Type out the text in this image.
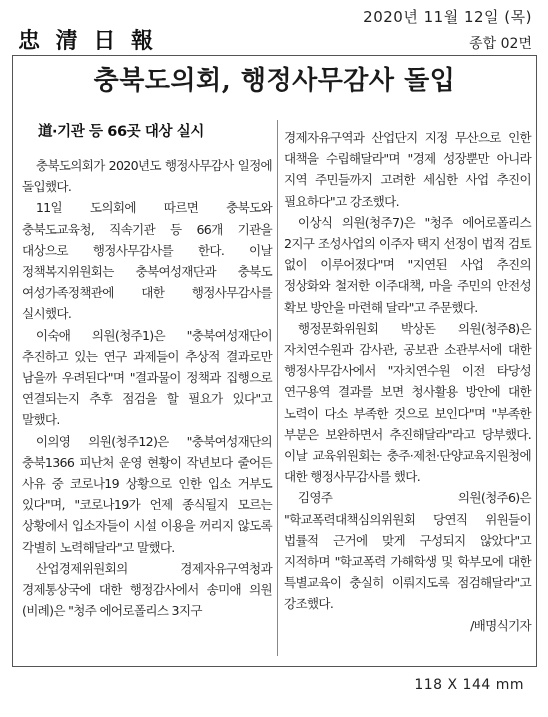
忠 清 日 報
2020년 11월 12일 (목)
종합 02면
충북도의회, 행정사무감사 돌입

道·기관 등 66곳 대상 실시

충북도의회가 2020년도 행정사무감사 일정에 돌입했다.

11일 도의회에 따르면 충북도와 충북도교육청, 직속기관 등 66개 기관을 대상으로 행정사무감사를 한다. 이날 정책복지위원회는 충북여성재단과 충북도 여성가족정책관에 대한 행정사무감사를 실시했다.

이숙애 의원(청주1)은 "충북여성재단이 추진하고 있는 연구 과제들이 추상적 결과로만 남을까 우려된다"며 "결과물이 정책과 집행으로 연결되는지 추후 점검을 할 필요가 있다"고 말했다.

이의영 의원(청주12)은 "충북여성재단의 충북1366 피난처 운영 현황이 작년보다 줄어든 사유 중 코로나19 상황으로 인한 입소 거부도 있다"며, "코로나19가 언제 종식될지 모르는 상황에서 입소자들이 시설 이용을 꺼리지 않도록 각별히 노력해달라"고 말했다.

산업경제위원회의 경제자유구역청과 경제통상국에 대한 행정감사에서 송미애 의원(비례)은 "청주 에어로폴리스 3지구

경제자유구역과 산업단지 지정 무산으로 인한 대책을 수립해달라"며 "경제 성장뿐만 아니라 지역 주민들까지 고려한 세심한 사업 추진이 필요하다"고 강조했다.

이상식 의원(청주7)은 "청주 에어로폴리스 2지구 조성사업의 이주자 택지 선정이 법적 검토 없이 이루어졌다"며 "지연된 사업 추진의 정상화와 철저한 이주대책, 마을 주민의 안전성 확보 방안을 마련해 달라"고 주문했다.

행정문화위원회 박상돈 의원(청주8)은 자치연수원과 감사관, 공보관 소관부서에 대한 행정사무감사에서 "자치연수원 이전 타당성 연구용역 결과를 보면 청사활용 방안에 대한 노력이 다소 부족한 것으로 보인다"며 "부족한 부분은 보완하면서 추진해달라"라고 당부했다. 이날 교육위원회는 충주·제천·단양교육지원청에 대한 행정사무감사를 했다.

김영주 의원(청주6)은 "학교폭력대책심의위원회 당연직 위원들이 법률적 근거에 맞게 구성되지 않았다"고 지적하며 "학교폭력 가해학생 및 학부모에 대한 특별교육이 충실히 이뤄지도록 점검해달라"고 강조했다.

/배명식기자

118 X 144 mm
